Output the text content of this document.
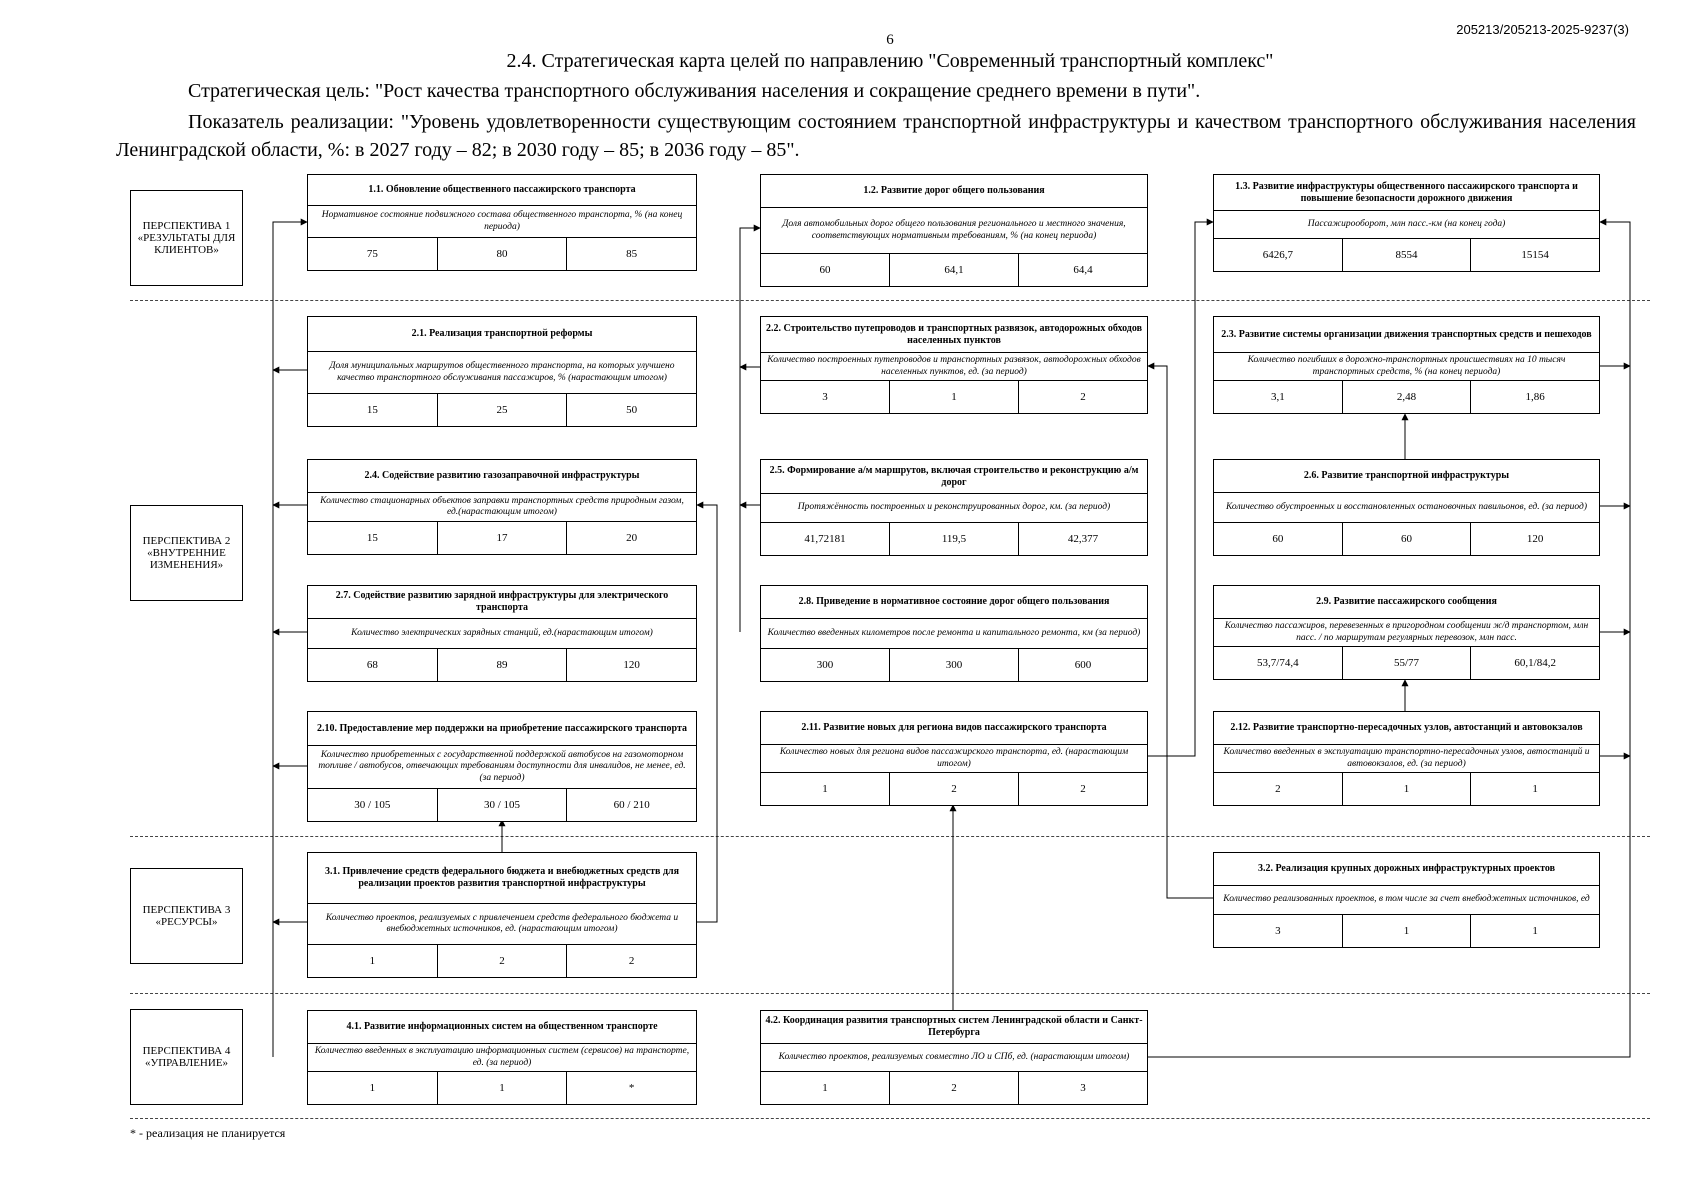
205213/205213-2025-9237(3)
6
2.4. Стратегическая карта целей по направлению "Современный транспортный комплекс"
Стратегическая цель: "Рост качества транспортного обслуживания населения и сокращение среднего времени в пути".
Показатель реализации: "Уровень удовлетворенности существующим состоянием транспортной инфраструктуры и качеством транспортного обслуживания населения Ленинградской области, %: в 2027 году – 82; в 2030 году – 85; в 2036 году – 85".
ПЕРСПЕКТИВА 1 «РЕЗУЛЬТАТЫ ДЛЯ КЛИЕНТОВ»
ПЕРСПЕКТИВА 2 «ВНУТРЕННИЕ ИЗМЕНЕНИЯ»
ПЕРСПЕКТИВА 3 «РЕСУРСЫ»
ПЕРСПЕКТИВА 4 «УПРАВЛЕНИЕ»
1.1. Обновление общественного пассажирского транспорта
Нормативное состояние подвижного состава общественного транспорта, % (на конец периода)
75	80	85
1.2. Развитие дорог общего пользования
Доля автомобильных дорог общего пользования регионального и местного значения, соответствующих нормативным требованиям, % (на конец периода)
60	64,1	64,4
1.3. Развитие инфраструктуры общественного пассажирского транспорта и повышение безопасности дорожного движения
Пассажирооборот, млн пасс.-км (на конец года)
6426,7	8554	15154
2.1. Реализация транспортной реформы
Доля муниципальных маршрутов общественного транспорта, на которых улучшено качество транспортного обслуживания пассажиров, % (нарастающим итогом)
15	25	50
2.2. Строительство путепроводов и транспортных развязок, автодорожных обходов населенных пунктов
Количество построенных путепроводов и транспортных развязок, автодорожных обходов населенных пунктов, ед. (за период)
3	1	2
2.3. Развитие системы организации движения транспортных средств и пешеходов
Количество погибших в дорожно-транспортных происшествиях на 10 тысяч транспортных средств, % (на конец периода)
3,1	2,48	1,86
2.4. Содействие развитию газозаправочной инфраструктуры
Количество стационарных объектов заправки транспортных средств природным газом, ед.(нарастающим итогом)
15	17	20
2.5. Формирование а/м маршрутов, включая строительство и реконструкцию а/м дорог
Протяжённость построенных и реконструированных дорог, км. (за период)
41,72181	119,5	42,377
2.6. Развитие транспортной инфраструктуры
Количество обустроенных и восстановленных остановочных павильонов, ед. (за период)
60	60	120
2.7. Содействие развитию зарядной инфраструктуры для электрического транспорта
Количество электрических зарядных станций, ед.(нарастающим итогом)
68	89	120
2.8. Приведение в нормативное состояние дорог общего пользования
Количество введенных километров после ремонта и капитального ремонта, км (за период)
300	300	600
2.9. Развитие пассажирского сообщения
Количество пассажиров, перевезенных в пригородном сообщении ж/д транспортом, млн пасс. / по маршрутам регулярных перевозок, млн пасс.
53,7/74,4	55/77	60,1/84,2
2.10. Предоставление мер поддержки на приобретение пассажирского транспорта
Количество приобретенных с государственной поддержкой автобусов на газомоторном топливе / автобусов, отвечающих требованиям доступности для инвалидов, не менее, ед. (за период)
30 / 105	30 / 105	60 / 210
2.11. Развитие новых для региона видов пассажирского транспорта
Количество новых для региона видов пассажирского транспорта, ед. (нарастающим итогом)
1	2	2
2.12. Развитие транспортно-пересадочных узлов, автостанций и автовокзалов
Количество введенных в эксплуатацию транспортно-пересадочных узлов, автостанций и автовокзалов, ед. (за период)
2	1	1
3.1. Привлечение средств федерального бюджета и внебюджетных средств для реализации проектов развития транспортной инфраструктуры
Количество проектов, реализуемых с привлечением средств федерального бюджета и внебюджетных источников, ед. (нарастающим итогом)
1	2	2
3.2. Реализация крупных дорожных инфраструктурных проектов
Количество реализованных проектов, в том числе за счет внебюджетных источников, ед
3	1	1
4.1. Развитие информационных систем на общественном транспорте
Количество введенных в эксплуатацию информационных систем (сервисов) на транспорте, ед. (за период)
1	1	*
4.2. Координация развития транспортных систем Ленинградской области и Санкт-Петербурга
Количество проектов, реализуемых совместно ЛО и СПб, ед. (нарастающим итогом)
1	2	3
* - реализация не планируется
